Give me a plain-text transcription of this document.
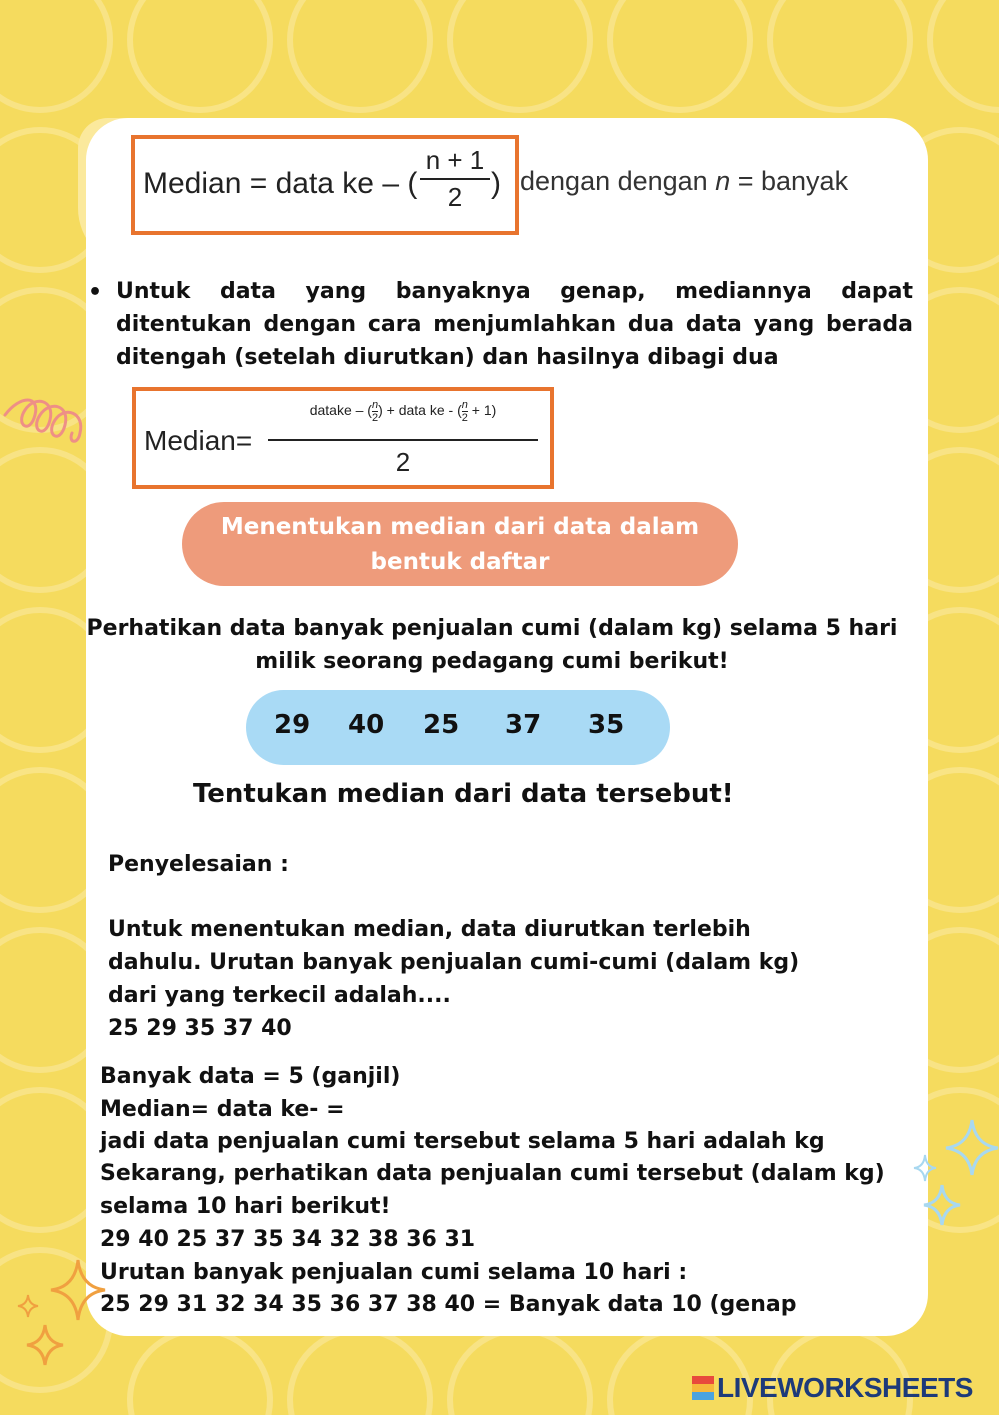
Median = data ke – (
n + 1
2 ) dengan dengan n = banyak
• Untuk data yang banyaknya genap, mediannya dapat ditentukan dengan cara menjumlahkan dua data yang berada ditengah (setelah diurutkan) dan hasilnya dibagi dua
Median=
datake – $(\frac{n}{2})$ + data ke - $(\frac{n}{2} + 1)$
2
Menentukan median dari data dalam bentuk daftar
Perhatikan data banyak penjualan cumi (dalam kg) selama 5 hari milik seorang pedagang cumi berikut!
29 40 25 37 35
Tentukan median dari data tersebut!
Penyelesaian :
Untuk menentukan median, data diurutkan terlebih
dahulu. Urutan banyak penjualan cumi-cumi (dalam kg)
dari yang terkecil adalah....
25 29 35 37 40
Banyak data = 5 (ganjil)
Median= data ke- =
jadi data penjualan cumi tersebut selama 5 hari adalah kg
Sekarang, perhatikan data penjualan cumi tersebut (dalam kg)
selama 10 hari berikut!
29 40 25 37 35 34 32 38 36 31
Urutan banyak penjualan cumi selama 10 hari :
25 29 31 32 34 35 36 37 38 40 = Banyak data 10 (genap
LIVEWORKSHEETS
